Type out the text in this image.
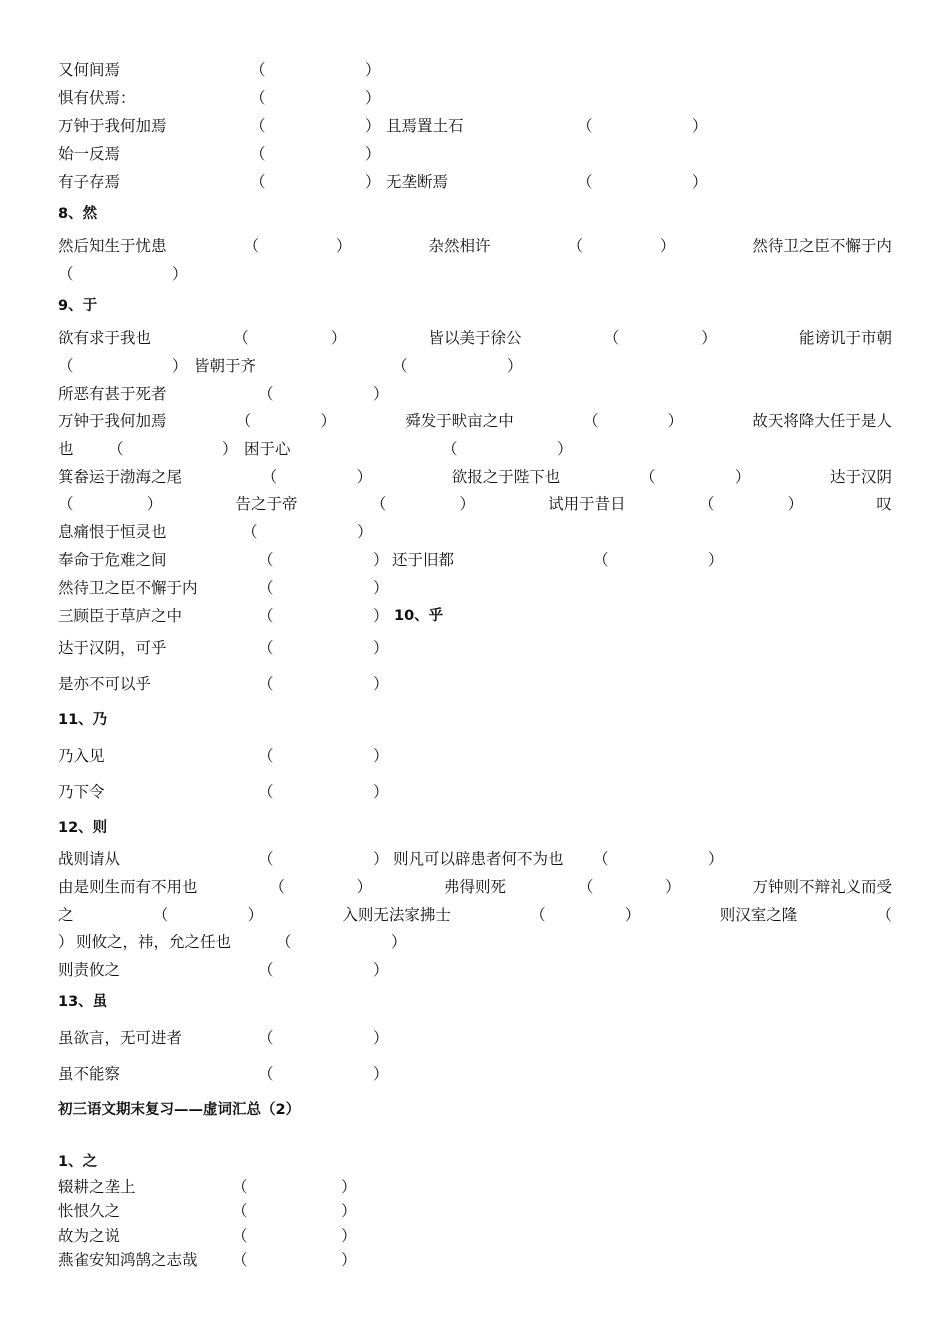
又何间焉	（	）
惧有伏焉：	（	）
万钟于我何加焉	（	） 且焉置土石	（	）
始一反焉	（	）
有子存焉	（	） 无垄断焉	（	）
8、然
然后知生于忧患	（	）	杂然相许	（	）	然待卫之臣不懈于内
（	）
9、于
欲有求于我也	（	）	皆以美于徐公	（	）	能谤讥于市朝
（	） 皆朝于齐	（	）
所恶有甚于死者	（	）
万钟于我何加焉	（	）	舜发于畎亩之中	（	）	故天将降大任于是人
也 （	） 困于心	（	）
箕畚运于渤海之尾	（	）	欲报之于陛下也	（	）	达于汉阴
（	）	告之于帝	（	）	试用于昔日	（	）	叹
息痛恨于恒灵也	（	）
奉命于危难之间	（	） 还于旧都	（	）
然待卫之臣不懈于内	（	）
三顾臣于草庐之中	（	） 10、乎
达于汉阴，可乎	（	）
是亦不可以乎	（	）
11、乃
乃入见	（	）
乃下令	（	）
12、则
战则请从	（	） 则凡可以辟患者何不为也 （	）
由是则生而有不用也	（	）	弗得则死	（	）	万钟则不辩礼义而受
之	（	）	入则无法家拂士	（	）	则汉室之隆	（
） 则攸之，祎，允之任也	（	）
则责攸之	（	）
13、虽
虽欲言，无可进者	（	）
虽不能察	（	）
初三语文期末复习——虚词汇总（2）
1、之
辍耕之垄上	（	）
怅恨久之	（	）
故为之说	（	）
燕雀安知鸿鹄之志哉 （	）
